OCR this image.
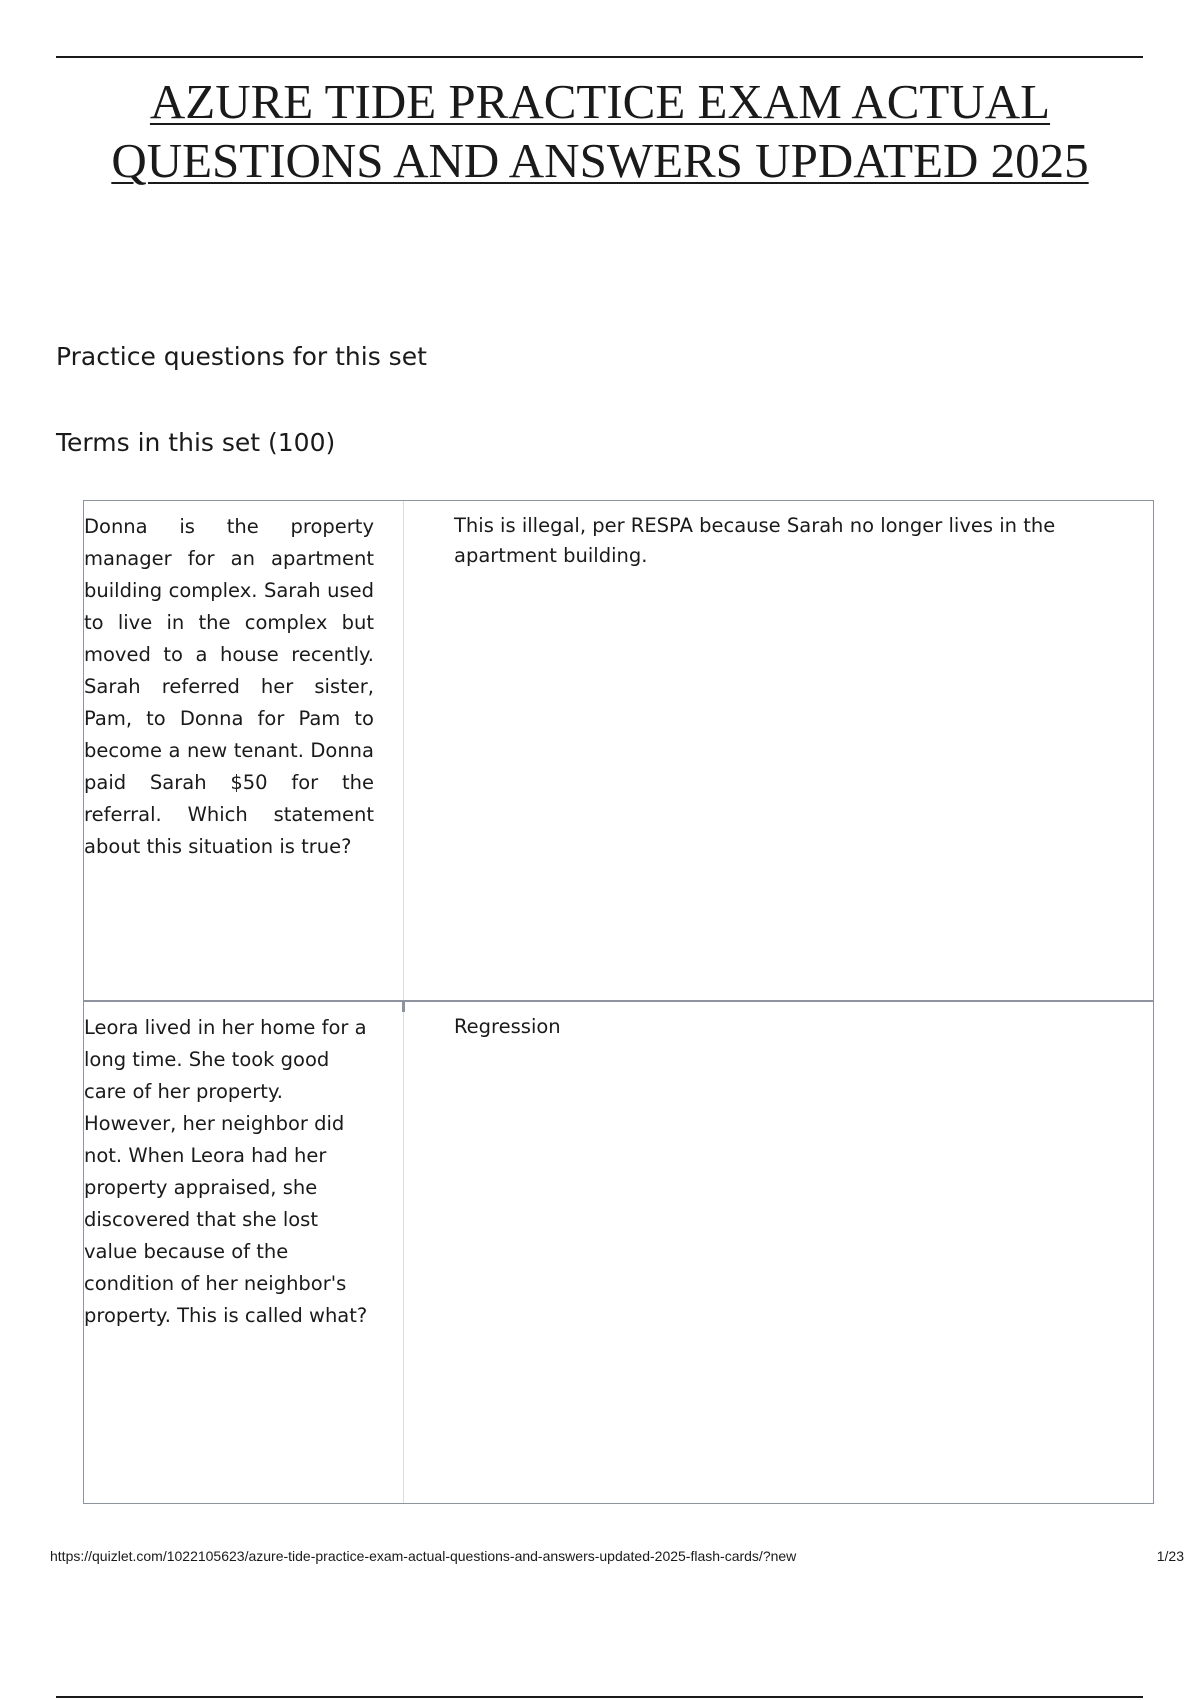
AZURE TIDE PRACTICE EXAM ACTUAL
QUESTIONS AND ANSWERS UPDATED 2025
Practice questions for this set
Terms in this set (100)
Donna is the property manager for an apartment building complex. Sarah used to live in the complex but moved to a house recently. Sarah referred her sister, Pam, to Donna for Pam to become a new tenant. Donna paid Sarah $50 for the referral. Which statement about this situation is true?
This is illegal, per RESPA because Sarah no longer lives in the apartment building.
Leora lived in her home for a long time. She took good care of her property. However, her neighbor did not. When Leora had her property appraised, she discovered that she lost value because of the condition of her neighbor's property. This is called what?
Regression
https://quizlet.com/1022105623/azure-tide-practice-exam-actual-questions-and-answers-updated-2025-flash-cards/?new	1/23
